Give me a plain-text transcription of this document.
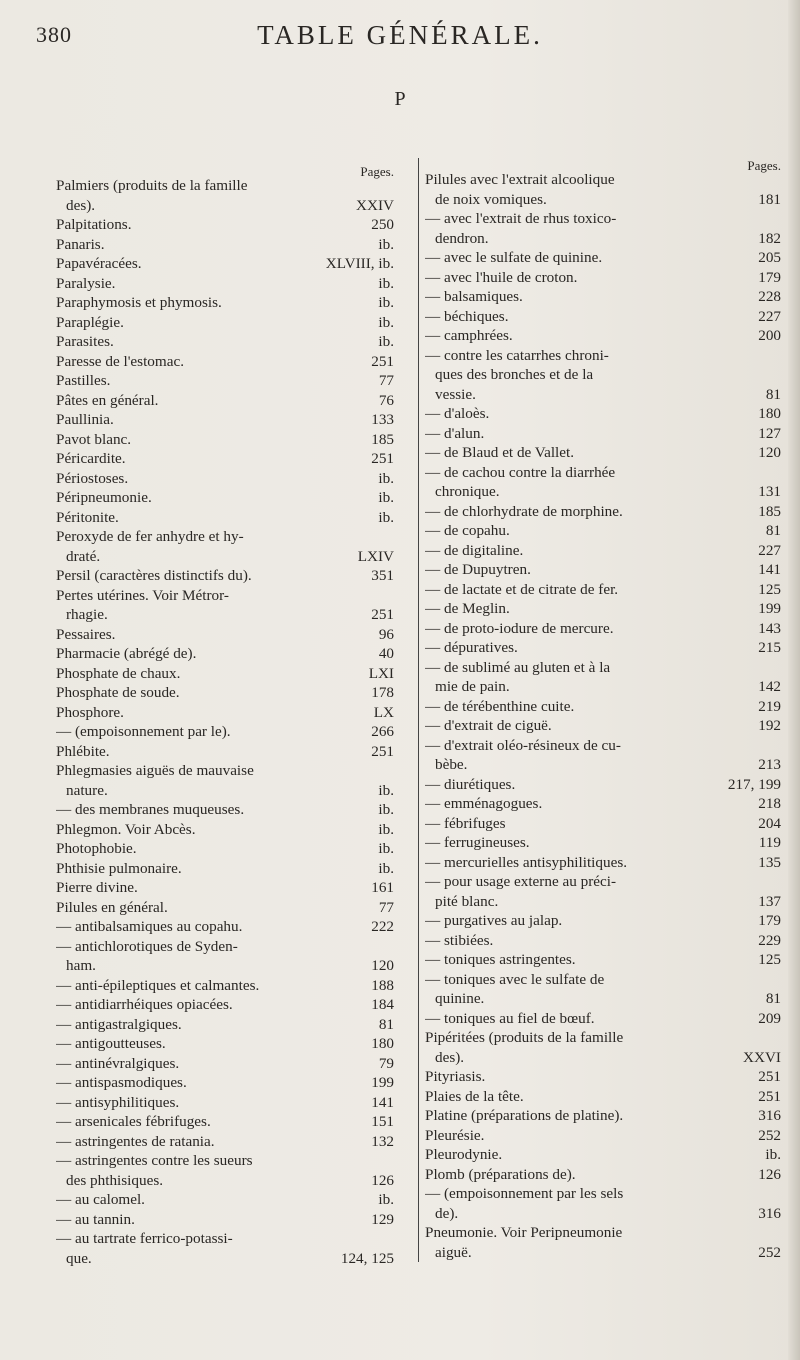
380	TABLE GÉNÉRALE.
P
Pages.
Palmiers (produits de la famille
des).	XXIV
Palpitations.	250
Panaris.	ib.
Papavéracées.	XLVIII, ib.
Paralysie.	ib.
Paraphymosis et phymosis.	ib.
Paraplégie.	ib.
Parasites.	ib.
Paresse de l'estomac.	251
Pastilles.	77
Pâtes en général.	76
Paullinia.	133
Pavot blanc.	185
Péricardite.	251
Périostoses.	ib.
Péripneumonie.	ib.
Péritonite.	ib.
Peroxyde de fer anhydre et hy-
draté.	LXIV
Persil (caractères distinctifs du).	351
Pertes utérines. Voir Métror-
rhagie.	251
Pessaires.	96
Pharmacie (abrégé de).	40
Phosphate de chaux.	LXI
Phosphate de soude.	178
Phosphore.	LX
— (empoisonnement par le).	266
Phlébite.	251
Phlegmasies aiguës de mauvaise
nature.	ib.
— des membranes muqueuses.	ib.
Phlegmon. Voir Abcès.	ib.
Photophobie.	ib.
Phthisie pulmonaire.	ib.
Pierre divine.	161
Pilules en général.	77
— antibalsamiques au copahu.	222
— antichlorotiques de Syden-
ham.	120
— anti-épileptiques et calmantes.	188
— antidiarrhéiques opiacées.	184
— antigastralgiques.	81
— antigoutteuses.	180
— antinévralgiques.	79
— antispasmodiques.	199
— antisyphilitiques.	141
— arsenicales fébrifuges.	151
— astringentes de ratania.	132
— astringentes contre les sueurs
des phthisiques.	126
— au calomel.	ib.
— au tannin.	129
— au tartrate ferrico-potassi-
que.	124, 125
Pages.
Pilules avec l'extrait alcoolique
de noix vomiques.	181
— avec l'extrait de rhus toxico-
dendron.	182
— avec le sulfate de quinine.	205
— avec l'huile de croton.	179
— balsamiques.	228
— béchiques.	227
— camphrées.	200
— contre les catarrhes chroni-
ques des bronches et de la
vessie.	81
— d'aloès.	180
— d'alun.	127
— de Blaud et de Vallet.	120
— de cachou contre la diarrhée
chronique.	131
— de chlorhydrate de morphine.	185
— de copahu.	81
— de digitaline.	227
— de Dupuytren.	141
— de lactate et de citrate de fer.	125
— de Meglin.	199
— de proto-iodure de mercure.	143
— dépuratives.	215
— de sublimé au gluten et à la
mie de pain.	142
— de térébenthine cuite.	219
— d'extrait de ciguë.	192
— d'extrait oléo-résineux de cu-
bèbe.	213
— diurétiques.	217, 199
— emménagogues.	218
— fébrifuges	204
— ferrugineuses.	119
— mercurielles antisyphilitiques.	135
— pour usage externe au préci-
pité blanc.	137
— purgatives au jalap.	179
— stibiées.	229
— toniques astringentes.	125
— toniques avec le sulfate de
quinine.	81
— toniques au fiel de bœuf.	209
Pipéritées (produits de la famille
des).	XXVI
Pityriasis.	251
Plaies de la tête.	251
Platine (préparations de platine).	316
Pleurésie.	252
Pleurodynie.	ib.
Plomb (préparations de).	126
— (empoisonnement par les sels
de).	316
Pneumonie. Voir Peripneumonie
aiguë.	252
